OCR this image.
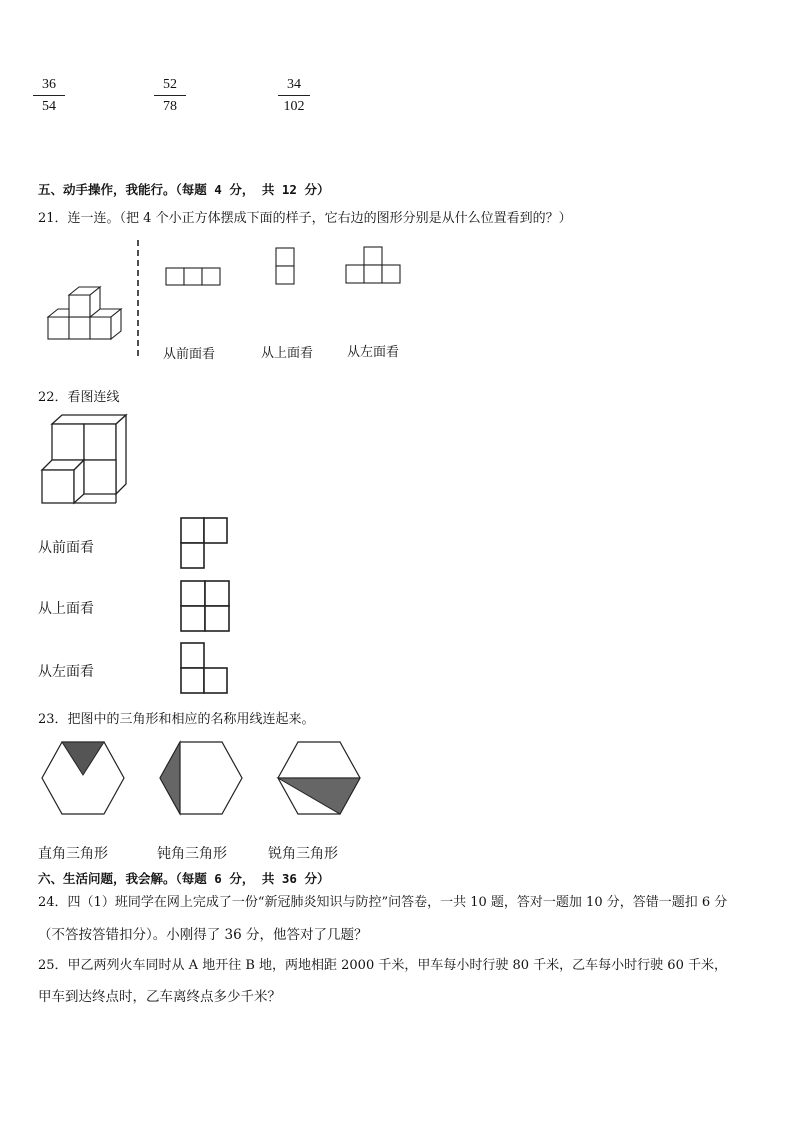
36
54
52
78
34
102
五、动手操作，我能行。（每题 4 分， 共 12 分）
21．连一连。（把 4 个小正方体摆成下面的样子，它右边的图形分别是从什么位置看到的？）
从前面看	从上面看	从左面看
22．看图连线
从前面看
从上面看
从左面看
23．把图中的三角形和相应的名称用线连起来。
直角三角形	钝角三角形	锐角三角形
六、生活问题，我会解。（每题 6 分， 共 36 分）
24．四（1）班同学在网上完成了一份“新冠肺炎知识与防控”问答卷，一共 10 题，答对一题加 10 分，答错一题扣 6 分
（不答按答错扣分）。小刚得了 36 分，他答对了几题？
25．甲乙两列火车同时从 A 地开往 B 地，两地相距 2000 千米，甲车每小时行驶 80 千米，乙车每小时行驶 60 千米，
甲车到达终点时，乙车离终点多少千米？
